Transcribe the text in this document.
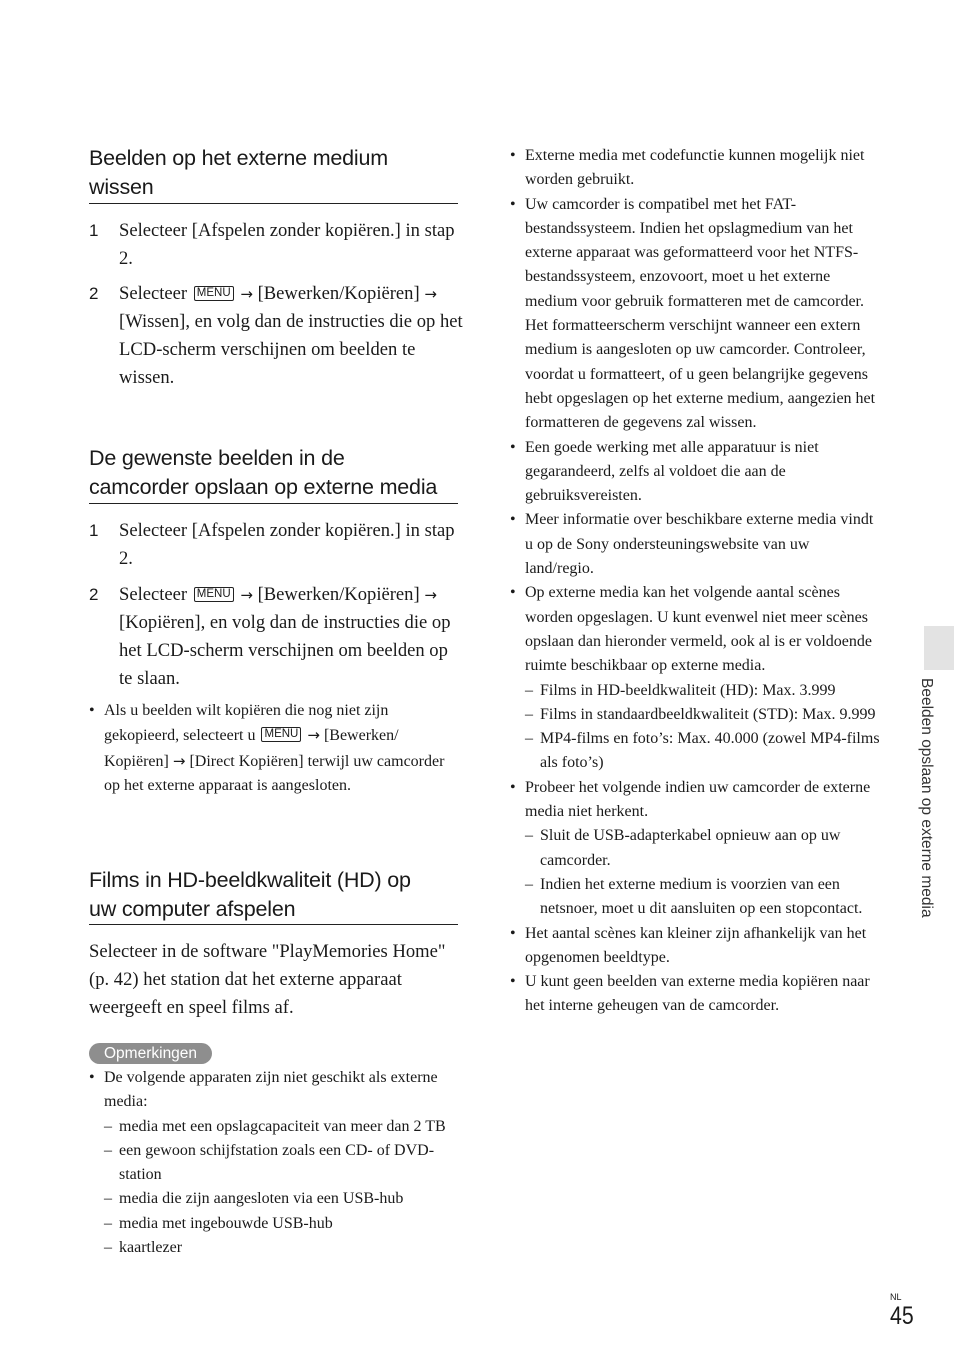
Beelden op het externe medium
wissen
1 Selecteer [Afspelen zonder kopiëren.] in stap 2.
2 Selecteer MENU → [Bewerken/Kopiëren] → [Wissen], en volg dan de instructies die op het LCD-scherm verschijnen om beelden te wissen.
De gewenste beelden in de
camcorder opslaan op externe media
1 Selecteer [Afspelen zonder kopiëren.] in stap 2.
2 Selecteer MENU → [Bewerken/Kopiëren] → [Kopiëren], en volg dan de instructies die op het LCD-scherm verschijnen om beelden op te slaan.
• Als u beelden wilt kopiëren die nog niet zijn gekopieerd, selecteert u MENU → [Bewerken/ Kopiëren] → [Direct Kopiëren] terwijl uw camcorder op het externe apparaat is aangesloten.
Films in HD-beeldkwaliteit (HD) op
uw computer afspelen
Selecteer in de software "PlayMemories Home" (p. 42) het station dat het externe apparaat weergeeft en speel films af.
Opmerkingen
• De volgende apparaten zijn niet geschikt als externe media:
– media met een opslagcapaciteit van meer dan 2 TB
– een gewoon schijfstation zoals een CD- of DVD-station
– media die zijn aangesloten via een USB-hub
– media met ingebouwde USB-hub
– kaartlezer
• Externe media met codefunctie kunnen mogelijk niet worden gebruikt.
• Uw camcorder is compatibel met het FAT-bestandssysteem. Indien het opslagmedium van het externe apparaat was geformatteerd voor het NTFS-bestandssysteem, enzovoort, moet u het externe medium voor gebruik formatteren met de camcorder. Het formatteerscherm verschijnt wanneer een extern medium is aangesloten op uw camcorder. Controleer, voordat u formatteert, of u geen belangrijke gegevens hebt opgeslagen op het externe medium, aangezien het formatteren de gegevens zal wissen.
• Een goede werking met alle apparatuur is niet gegarandeerd, zelfs al voldoet die aan de gebruiksvereisten.
• Meer informatie over beschikbare externe media vindt u op de Sony ondersteuningswebsite van uw land/regio.
• Op externe media kan het volgende aantal scènes worden opgeslagen. U kunt evenwel niet meer scènes opslaan dan hieronder vermeld, ook al is er voldoende ruimte beschikbaar op externe media.
– Films in HD-beeldkwaliteit (HD): Max. 3.999
– Films in standaardbeeldkwaliteit (STD): Max. 9.999
– MP4-films en foto’s: Max. 40.000 (zowel MP4-films als foto’s)
• Probeer het volgende indien uw camcorder de externe media niet herkent.
– Sluit de USB-adapterkabel opnieuw aan op uw camcorder.
– Indien het externe medium is voorzien van een netsnoer, moet u dit aansluiten op een stopcontact.
• Het aantal scènes kan kleiner zijn afhankelijk van het opgenomen beeldtype.
• U kunt geen beelden van externe media kopiëren naar het interne geheugen van de camcorder.
Beelden opslaan op externe media
NL
45
